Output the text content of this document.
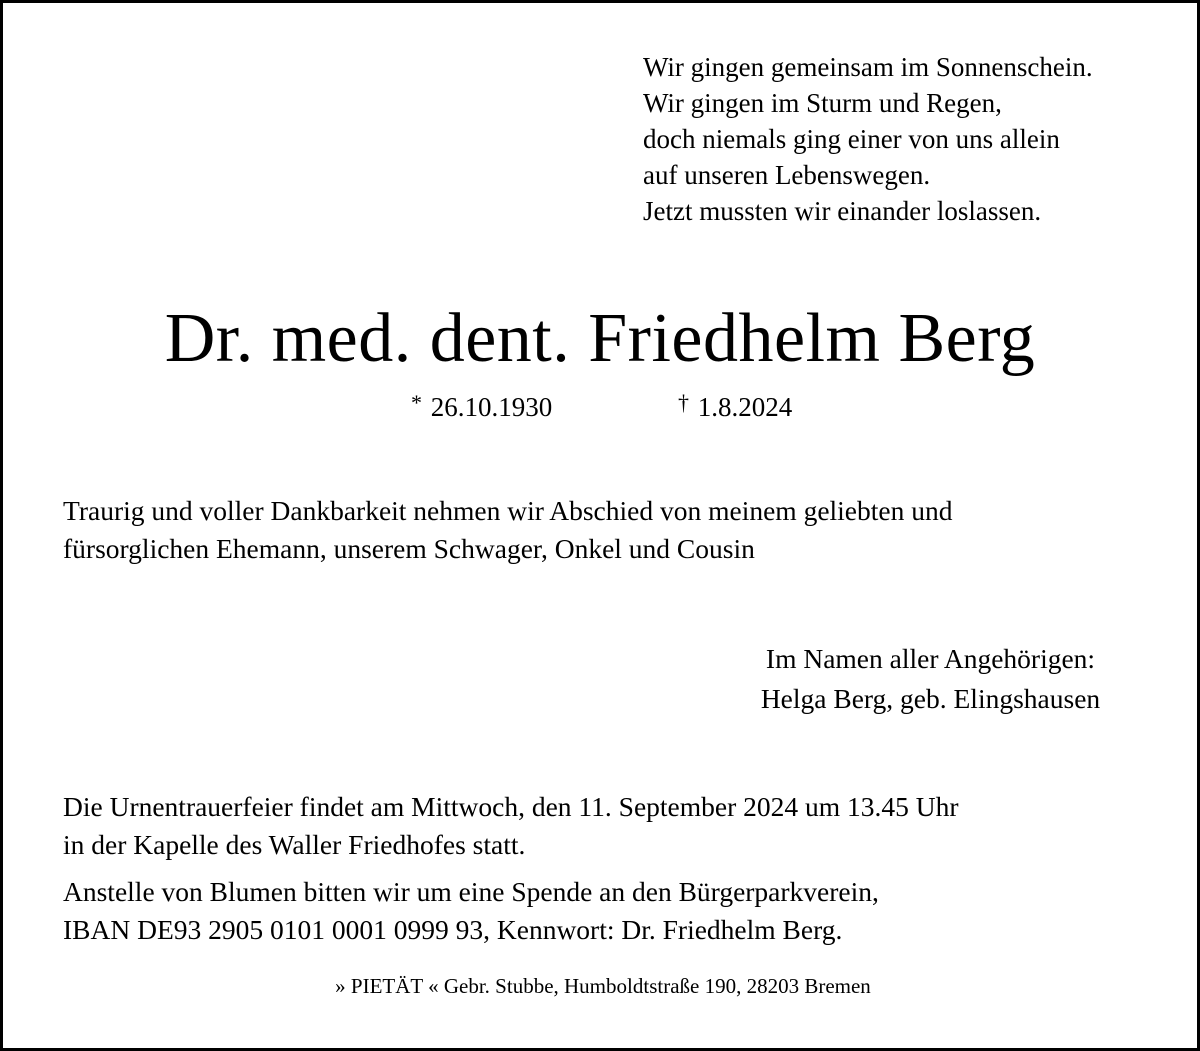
Wir gingen gemeinsam im Sonnenschein.
Wir gingen im Sturm und Regen,
doch niemals ging einer von uns allein
auf unseren Lebenswegen.
Jetzt mussten wir einander loslassen.
Dr. med. dent. Friedhelm Berg
* 26.10.1930	† 1.8.2024
Traurig und voller Dankbarkeit nehmen wir Abschied von meinem geliebten und
fürsorglichen Ehemann, unserem Schwager, Onkel und Cousin
Im Namen aller Angehörigen:
Helga Berg, geb. Elingshausen
Die Urnentrauerfeier findet am Mittwoch, den 11. September 2024 um 13.45 Uhr
in der Kapelle des Waller Friedhofes statt.
Anstelle von Blumen bitten wir um eine Spende an den Bürgerparkverein,
IBAN DE93 2905 0101 0001 0999 93, Kennwort: Dr. Friedhelm Berg.
» PIETÄT « Gebr. Stubbe, Humboldtstraße 190, 28203 Bremen
